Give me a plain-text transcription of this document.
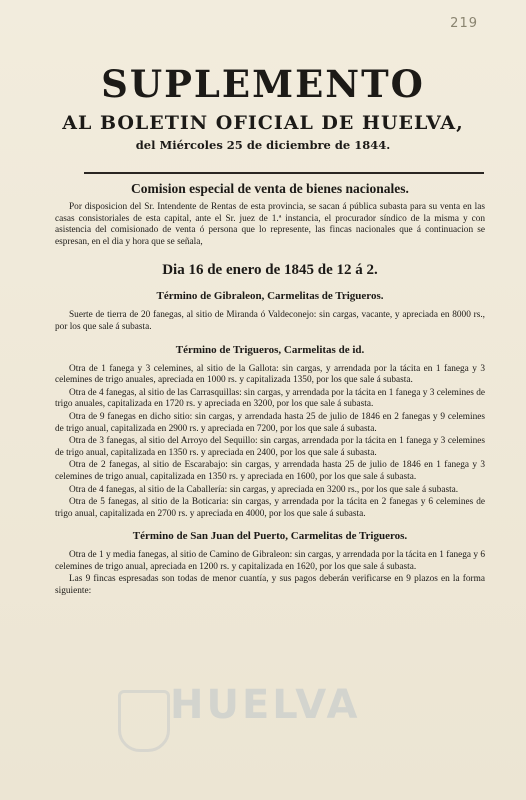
219
SUPLEMENTO
AL BOLETIN OFICIAL DE HUELVA,
del Miércoles 25 de diciembre de 1844.
Comision especial de venta de bienes nacionales.

Por disposicion del Sr. Intendente de Rentas de esta provincia, se sacan á pública subasta para su venta en las casas consistoriales de esta capital, ante el Sr. juez de 1.ª instancia, el procurador síndico de la misma y con asistencia del comisionado de venta ó persona que lo represente, las fincas nacionales que á continuacion se espresan, en el dia y hora que se señala,

Dia 16 de enero de 1845 de 12 á 2.
Término de Gibraleon, Carmelitas de Trigueros.

Suerte de tierra de 20 fanegas, al sitio de Miranda ó Valdeconejo: sin cargas, vacante, y apreciada en 8000 rs., por los que sale á subasta.

Término de Trigueros, Carmelitas de id.

Otra de 1 fanega y 3 celemines, al sitio de la Gallota: sin cargas, y arrendada por la tácita en 1 fanega y 3 celemines de trigo anuales, apreciada en 1000 rs. y capitalizada 1350, por los que sale á subasta.

Otra de 4 fanegas, al sitio de las Carrasquillas: sin cargas, y arrendada por la tácita en 1 fanega y 3 celemines de trigo anuales, capitalizada en 1720 rs. y apreciada en 3200, por los que sale á subasta.

Otra de 9 fanegas en dicho sitio: sin cargas, y arrendada hasta 25 de julio de 1846 en 2 fanegas y 9 celemines de trigo anual, capitalizada en 2900 rs. y apreciada en 7200, por los que sale á subasta.

Otra de 3 fanegas, al sitio del Arroyo del Sequillo: sin cargas, arrendada por la tácita en 1 fanega y 3 celemines de trigo anual, capitalizada en 1350 rs. y apreciada en 2400, por los que sale á subasta.

Otra de 2 fanegas, al sitio de Escarabajo: sin cargas, y arrendada hasta 25 de julio de 1846 en 1 fanega y 3 celemines de trigo anual, capitalizada en 1350 rs. y apreciada en 1600, por los que sale á subasta.

Otra de 4 fanegas, al sitio de la Caballería: sin cargas, y apreciada en 3200 rs., por los que sale á subasta.

Otra de 5 fanegas, al sitio de la Boticaria: sin cargas, y arrendada por la tácita en 2 fanegas y 6 celemines de trigo anual, capitalizada en 2700 rs. y apreciada en 4000, por los que sale á subasta.

Término de San Juan del Puerto, Carmelitas de Trigueros.

Otra de 1 y media fanegas, al sitio de Camino de Gibraleon: sin cargas, y arrendada por la tácita en 1 fanega y 6 celemines de trigo anual, apreciada en 1200 rs. y capitalizada en 1620, por los que sale á subasta.

Las 9 fincas espresadas son todas de menor cuantía, y sus pagos deberán verificarse en 9 plazos en la forma siguiente:

HUELVA
